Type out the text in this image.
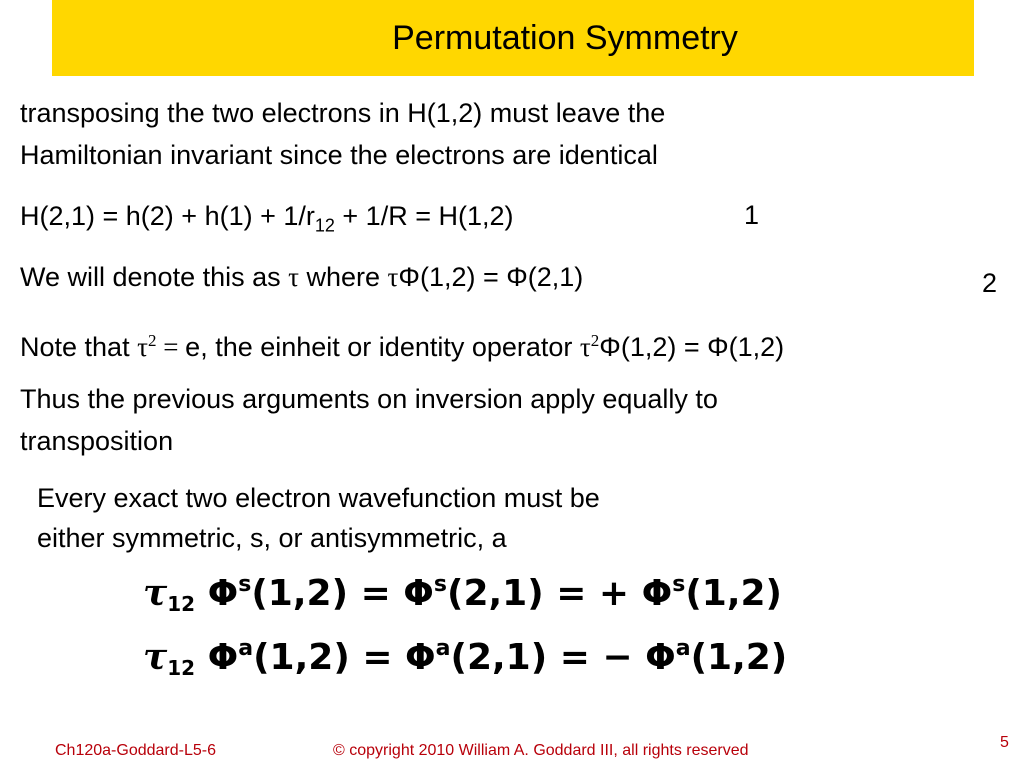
Permutation Symmetry
transposing the two electrons in H(1,2) must leave the
Hamiltonian invariant since the electrons are identical
$H(2,1) = h(2) + h(1) + 1/r_{12} + 1/R = H(1,2)$	1
We will denote this as τ where τΦ(1,2) = Φ(2,1)	2
Note that $\tau^2 = e$, the einheit or identity operator $\tau^2\Phi(1,2) = \Phi(1,2)$
Thus the previous arguments on inversion apply equally to
transposition
Every exact two electron wavefunction must be
either symmetric, s, or antisymmetric, a
$\tau_{12}$ $\Phi^s(1,2) = \Phi^s(2,1)$ = + $\Phi^s(1,2)$
$\tau_{12}$ $\Phi^a(1,2) = \Phi^a(2,1)$ = − $\Phi^a(1,2)$
Ch120a-Goddard-L5-6	© copyright 2010 William A. Goddard III, all rights reserved	5
